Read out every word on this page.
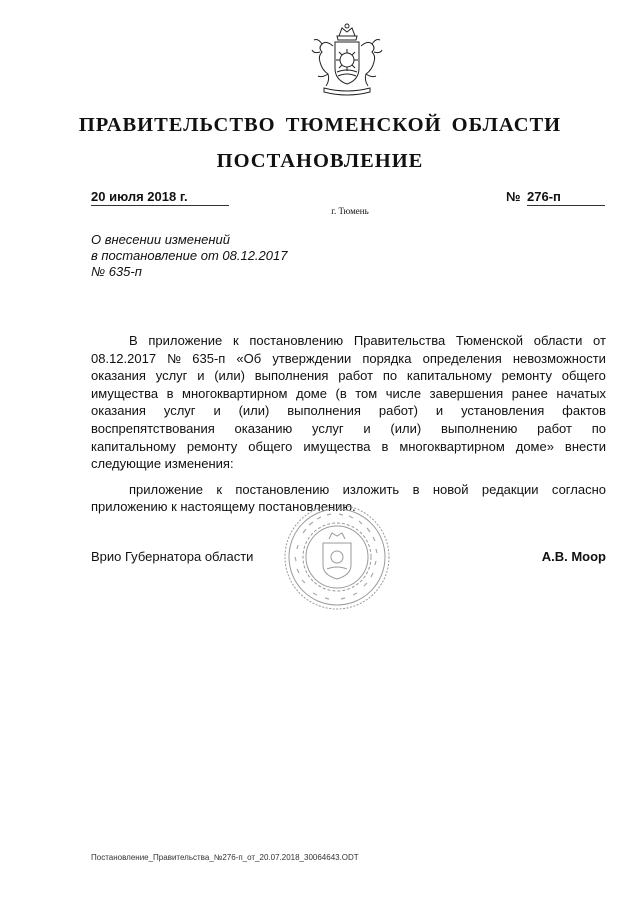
ПРАВИТЕЛЬСТВО ТЮМЕНСКОЙ ОБЛАСТИ
ПОСТАНОВЛЕНИЕ
20 июля 2018 г.	№ 276-п
г. Тюмень
О внесении изменений
в постановление от 08.12.2017
№ 635-п
В приложение к постановлению Правительства Тюменской области от
08.12.2017 № 635-п «Об утверждении порядка определения невозможности
оказания услуг и (или) выполнения работ по капитальному ремонту общего
имущества в многоквартирном доме (в том числе завершения ранее начатых
оказания услуг и (или) выполнения работ) и установления фактов
воспрепятствования оказанию услуг и (или) выполнению работ по
капитальному ремонту общего имущества в многоквартирном доме» внести
следующие изменения:
приложение к постановлению изложить в новой редакции согласно
приложению к настоящему постановлению.
Врио Губернатора области	А.В. Моор
Постановление_Правительства_№276-п_от_20.07.2018_30064643.ODT
